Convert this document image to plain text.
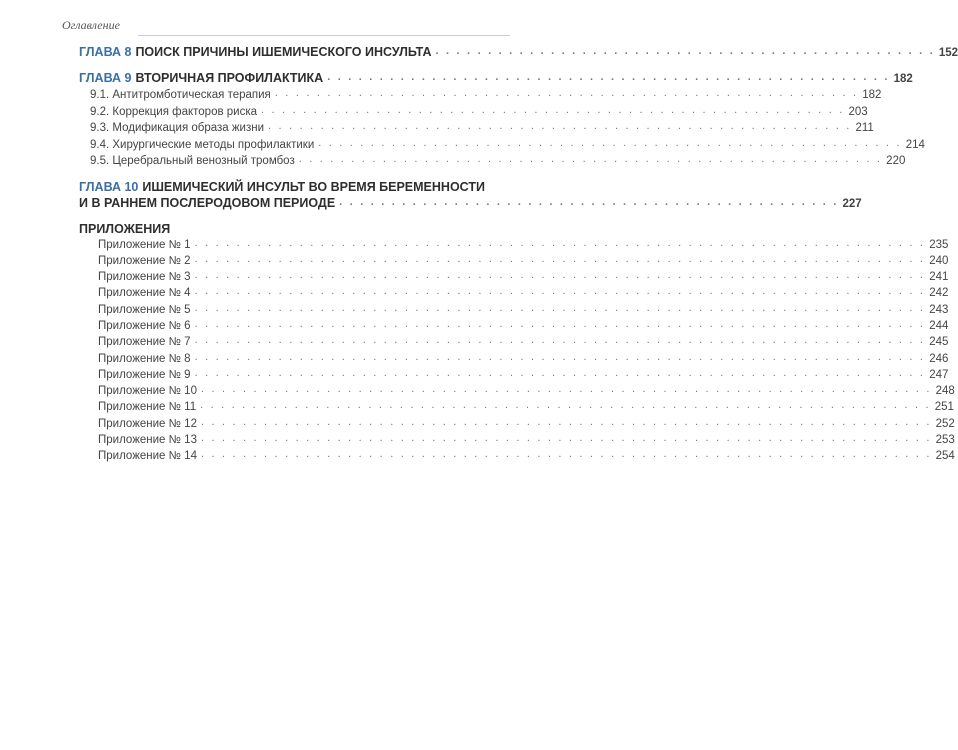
Оглавление
ГЛАВА 8 ПОИСК ПРИЧИНЫ ИШЕМИЧЕСКОГО ИНСУЛЬТА . . . . . . . . . . . . . . . . . . . . . . . . . . . . . . . . . . . . . . . . . . . . . . . . 152
ГЛАВА 9 ВТОРИЧНАЯ ПРОФИЛАКТИКА . . . . . . . . . . . . . . . . . . . . . . . . . . . . . . . . . . . . . . . . . . . . . . . . . . . . . . 182
9.1. Антитромботическая терапия . . . . . . . . . . . . . . . . . . . . . . . . . . . . . . . . . . . . . . . . . . . . . . . . . . . . . . . . 182
9.2. Коррекция факторов риска . . . . . . . . . . . . . . . . . . . . . . . . . . . . . . . . . . . . . . . . . . . . . . . . . . . . . . . . 203
9.3. Модификация образа жизни . . . . . . . . . . . . . . . . . . . . . . . . . . . . . . . . . . . . . . . . . . . . . . . . . . . . . . . . 211
9.4. Хирургические методы профилактики . . . . . . . . . . . . . . . . . . . . . . . . . . . . . . . . . . . . . . . . . . . . . . . . . . . . . . . . 214
9.5. Церебральный венозный тромбоз . . . . . . . . . . . . . . . . . . . . . . . . . . . . . . . . . . . . . . . . . . . . . . . . . . . . . . . . 220
ГЛАВА 10 ИШЕМИЧЕСКИЙ ИНСУЛЬТ ВО ВРЕМЯ БЕРЕМЕННОСТИ
И В РАННЕМ ПОСЛЕРОДОВОМ ПЕРИОДЕ . . . . . . . . . . . . . . . . . . . . . . . . . . . . . . . . . . . . . . . . . . . . . . . . 227
ПРИЛОЖЕНИЯ
Приложение № 1 . . . . . . . . . . . . . . . . . . . . . . . . . . . . . . . . . . . . . . . . . . . . . . . . . . . . . . . . . . . . . . . . . . . . . . 235
Приложение № 2 . . . . . . . . . . . . . . . . . . . . . . . . . . . . . . . . . . . . . . . . . . . . . . . . . . . . . . . . . . . . . . . . . . . . . . 240
Приложение № 3 . . . . . . . . . . . . . . . . . . . . . . . . . . . . . . . . . . . . . . . . . . . . . . . . . . . . . . . . . . . . . . . . . . . . . . 241
Приложение № 4 . . . . . . . . . . . . . . . . . . . . . . . . . . . . . . . . . . . . . . . . . . . . . . . . . . . . . . . . . . . . . . . . . . . . . . 242
Приложение № 5 . . . . . . . . . . . . . . . . . . . . . . . . . . . . . . . . . . . . . . . . . . . . . . . . . . . . . . . . . . . . . . . . . . . . . . 243
Приложение № 6 . . . . . . . . . . . . . . . . . . . . . . . . . . . . . . . . . . . . . . . . . . . . . . . . . . . . . . . . . . . . . . . . . . . . . . 244
Приложение № 7 . . . . . . . . . . . . . . . . . . . . . . . . . . . . . . . . . . . . . . . . . . . . . . . . . . . . . . . . . . . . . . . . . . . . . . 245
Приложение № 8 . . . . . . . . . . . . . . . . . . . . . . . . . . . . . . . . . . . . . . . . . . . . . . . . . . . . . . . . . . . . . . . . . . . . . . 246
Приложение № 9 . . . . . . . . . . . . . . . . . . . . . . . . . . . . . . . . . . . . . . . . . . . . . . . . . . . . . . . . . . . . . . . . . . . . . . 247
Приложение № 10 . . . . . . . . . . . . . . . . . . . . . . . . . . . . . . . . . . . . . . . . . . . . . . . . . . . . . . . . . . . . . . . . . . . . . . 248
Приложение № 11 . . . . . . . . . . . . . . . . . . . . . . . . . . . . . . . . . . . . . . . . . . . . . . . . . . . . . . . . . . . . . . . . . . . . . . 251
Приложение № 12 . . . . . . . . . . . . . . . . . . . . . . . . . . . . . . . . . . . . . . . . . . . . . . . . . . . . . . . . . . . . . . . . . . . . . . 252
Приложение № 13 . . . . . . . . . . . . . . . . . . . . . . . . . . . . . . . . . . . . . . . . . . . . . . . . . . . . . . . . . . . . . . . . . . . . . . 253
Приложение № 14 . . . . . . . . . . . . . . . . . . . . . . . . . . . . . . . . . . . . . . . . . . . . . . . . . . . . . . . . . . . . . . . . . . . . . . 254
